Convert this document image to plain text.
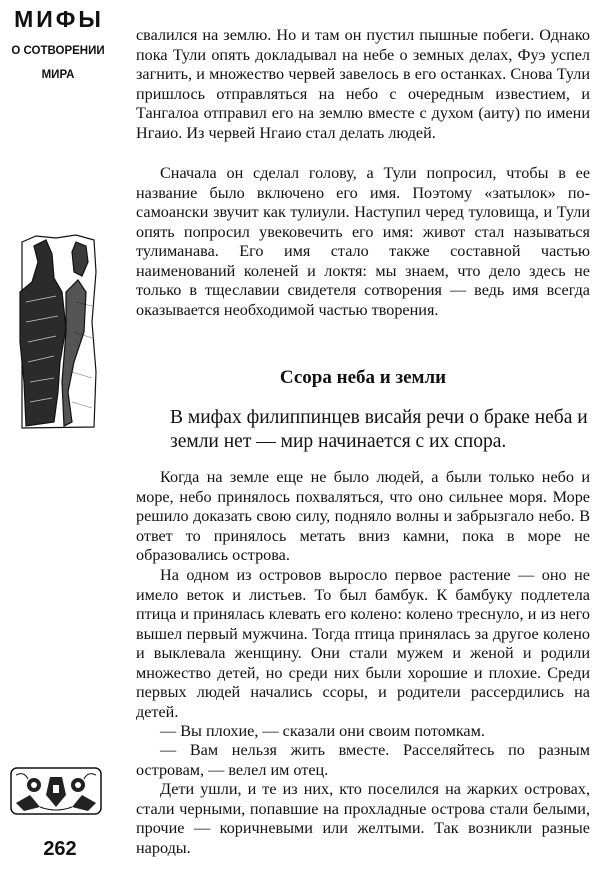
МИФЫ
О СОТВОРЕНИИ
МИРА
262

свалился на землю. Но и там он пустил пышные побеги. Однако пока Тули опять докладывал на небе о земных делах, Фуэ успел загнить, и множество червей завелось в его останках. Снова Тули пришлось отправляться на небо с очередным известием, и Тангалоа отправил его на землю вместе с духом (аиту) по имени Нгаио. Из червей Нгаио стал делать людей.

Сначала он сделал голову, а Тули попросил, чтобы в ее название было включено его имя. Поэтому «затылок» по-самоански звучит как тулиули. Наступил черед туловища, и Тули опять попросил увековечить его имя: живот стал называться тулиманава. Его имя стало также составной частью наименований коленей и локтя: мы знаем, что дело здесь не только в тщеславии свидетеля сотворения — ведь имя всегда оказывается необходимой частью творения.

Ссора неба и земли

В мифах филиппинцев висайя речи о браке неба и земли нет — мир начинается с их спора.

Когда на земле еще не было людей, а были только небо и море, небо принялось похваляться, что оно сильнее моря. Море решило доказать свою силу, подняло волны и забрызгало небо. В ответ то принялось метать вниз камни, пока в море не образовались острова.

На одном из островов выросло первое растение — оно не имело веток и листьев. То был бамбук. К бамбуку подлетела птица и принялась клевать его колено: колено треснуло, и из него вышел первый мужчина. Тогда птица принялась за другое колено и выклевала женщину. Они стали мужем и женой и родили множество детей, но среди них были хорошие и плохие. Среди первых людей начались ссоры, и родители рассердились на детей.

— Вы плохие, — сказали они своим потомкам.

— Вам нельзя жить вместе. Расселяйтесь по разным островам, — велел им отец.

Дети ушли, и те из них, кто поселился на жарких островах, стали черными, попавшие на прохладные острова стали белыми, прочие — коричневыми или желтыми. Так возникли разные народы.
